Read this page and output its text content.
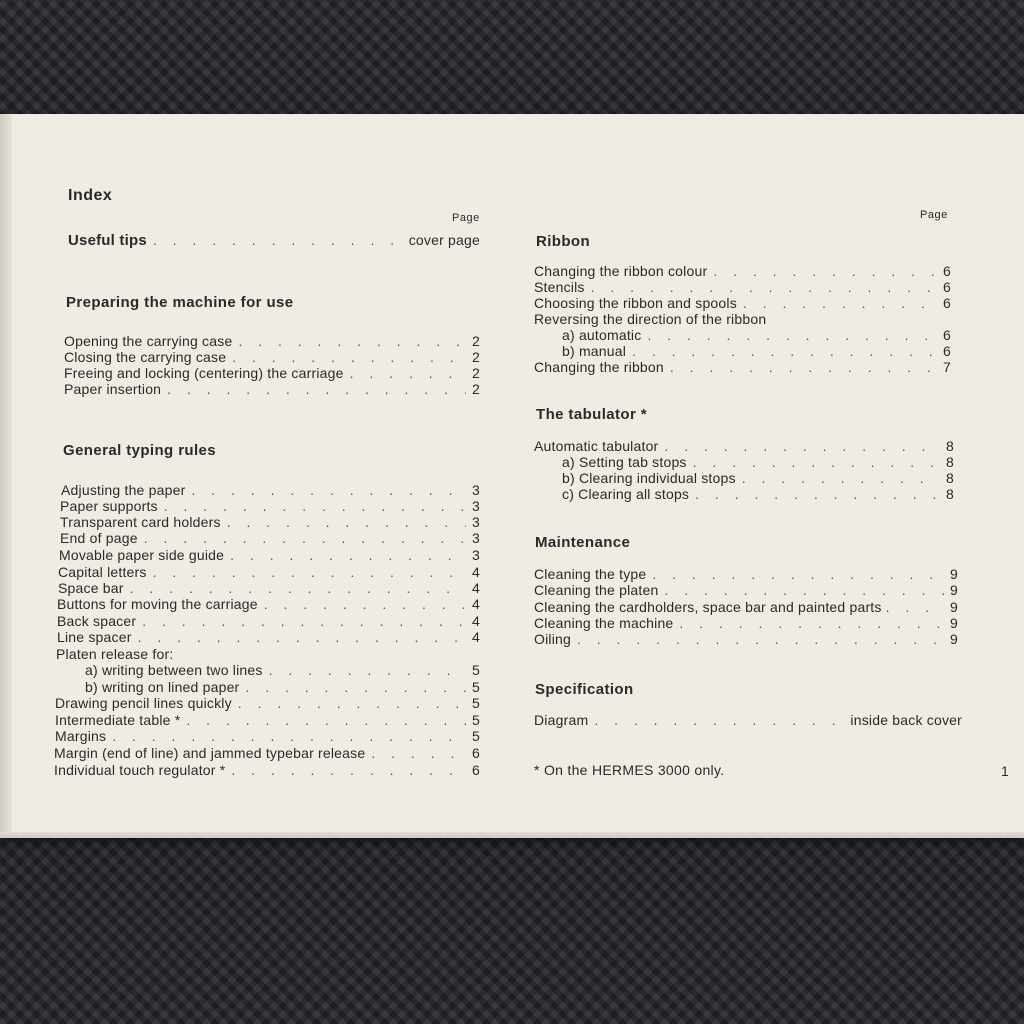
Index
Page
Useful tips . . .	cover page
Preparing the machine for use
Opening the carrying case . . .	2
Closing the carrying case . . .	2
Freeing and locking (centering) the carriage . . .	2
Paper insertion . . .	2
General typing rules
Adjusting the paper . . .	3
Paper supports . . .	3
Transparent card holders . . .	3
End of page . . .	3
Movable paper side guide . . .	3
Capital letters . . .	4
Space bar . . .	4
Buttons for moving the carriage . . .	4
Back spacer . . .	4
Line spacer . . .	4
Platen release for:
a) writing between two lines . . .	5
b) writing on lined paper . . .	5
Drawing pencil lines quickly . . .	5
Intermediate table * . . .	5
Margins . . .	5
Margin (end of line) and jammed typebar release . . .	6
Individual touch regulator * . . .	6
Page
Ribbon
Changing the ribbon colour . . .	6
Stencils . . .	6
Choosing the ribbon and spools . . .	6
Reversing the direction of the ribbon
a) automatic . . .	6
b) manual . . .	6
Changing the ribbon . . .	7
The tabulator *
Automatic tabulator . . .	8
a) Setting tab stops . . .	8
b) Clearing individual stops . . .	8
c) Clearing all stops . . .	8
Maintenance
Cleaning the type . . .	9
Cleaning the platen . . .	9
Cleaning the cardholders, space bar and painted parts . . .	9
Cleaning the machine . . .	9
Oiling . . .	9
Specification
Diagram . . .	inside back cover
* On the HERMES 3000 only.	1
